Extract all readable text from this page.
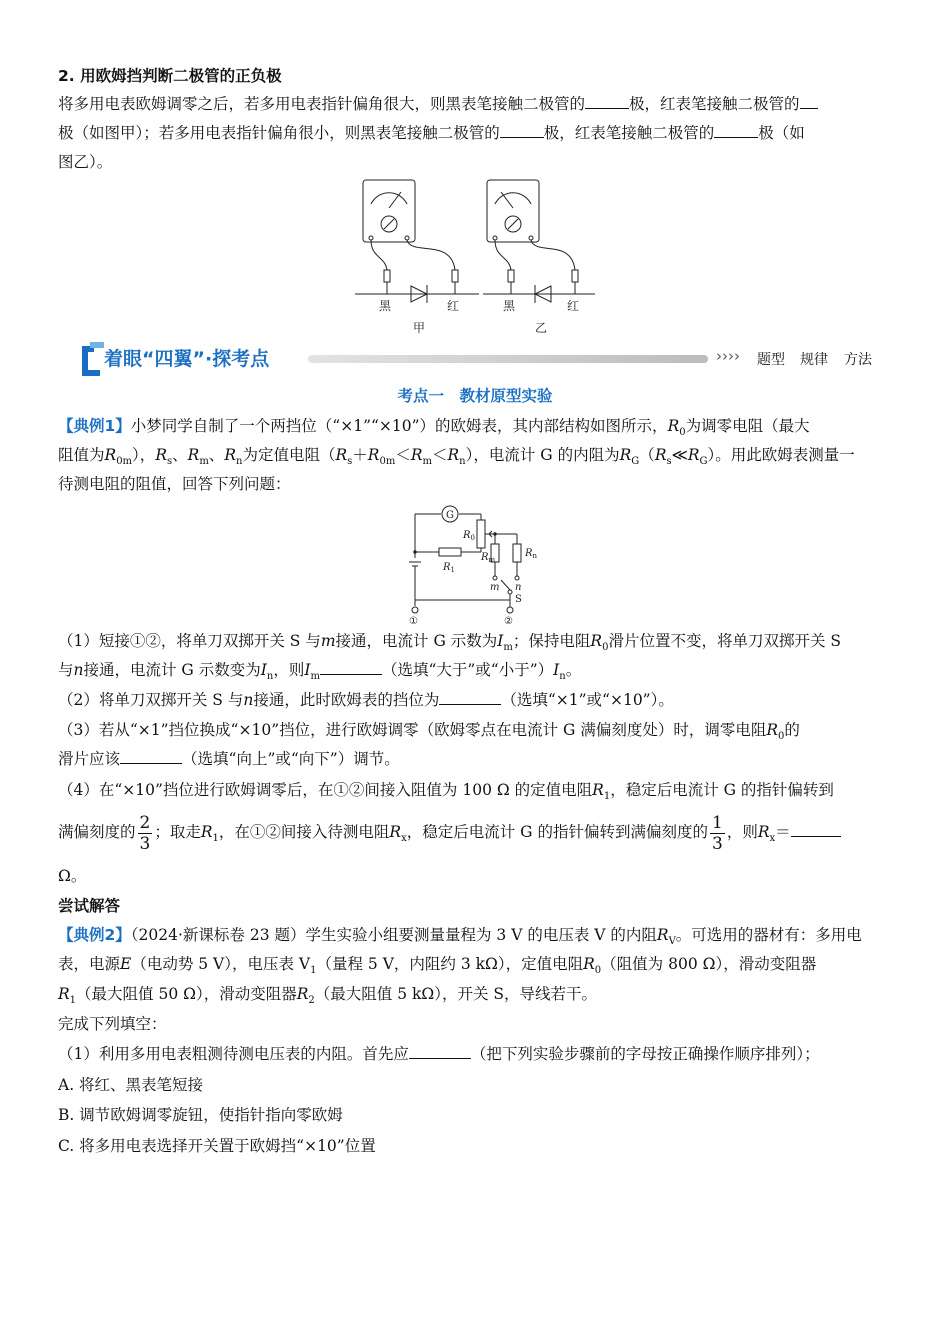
2. 用欧姆挡判断二极管的正负极
将多用电表欧姆调零之后，若多用电表指针偏角很大，则黑表笔接触二极管的	极，红表笔接触二极管的
极（如图甲）；若多用电表指针偏角很小，则黑表笔接触二极管的	极，红表笔接触二极管的	极（如
图乙）。
黑	红
甲
黑	红
乙
着眼“四翼”·探考点	›››› 题型 规律 方法
考点一　教材原型实验
【典例1】小梦同学自制了一个两挡位（“×1”“×10”）的欧姆表，其内部结构如图所示，$R_0$为调零电阻（最大
阻值为$R_{0m}$），$R_s$、$R_m$、$R_n$为定值电阻$(R_s+R_{0m}<R_m<R_n)$，电流计 G 的内阻为$R_G(R_s≪R_G)$。用此欧姆表测量一
待测电阻的阻值，回答下列问题：
G
$R_0$
$R_1$
$R_m$
$R_n$
m n
S
①	②
（1）短接①②，将单刀双掷开关 S 与m接通，电流计 G 示数为$I_m$；保持电阻$R_0$滑片位置不变，将单刀双掷开关 S
与n接通，电流计 G 示数变为$I_n$，则$I_m$	（选填“大于”或“小于$”)I_n$。
（2）将单刀双掷开关 S 与n接通，此时欧姆表的挡位为	（选填“×1”或“×10”）。
（3）若从“×1”挡位换成“×10”挡位，进行欧姆调零（欧姆零点在电流计 G 满偏刻度处）时，调零电阻$R_0$的
滑片应该	（选填“向上”或“向下”）调节。
（4）在“×10”挡位进行欧姆调零后，在①②间接入阻值为 100 Ω 的定值电阻$R_1$，稳定后电流计 G 的指针偏转到
满偏刻度的 $\frac{2}{3}$ ；取走$R_1$，在①②间接入待测电阻$R_x$，稳定后电流计 G 的指针偏转到满偏刻度的 $\frac{1}{3}$ ，则$R_x=$
Ω。
尝试解答
【典例2】（2024·新课标卷 23 题）学生实验小组要测量量程为 3 V 的电压表 V 的内阻$R_V$。可选用的器材有：多用电
表，电源E（电动势 5 V），电压表 $V_1$（量程 5 V，内阻约 3 kΩ），定值电阻$R_0$（阻值为 800 Ω），滑动变阻器
$R_1$（最大阻值 50 Ω），滑动变阻器$R_2$（最大阻值 5 kΩ），开关 S，导线若干。
完成下列填空：
（1）利用多用电表粗测待测电压表的内阻。首先应	（把下列实验步骤前的字母按正确操作顺序排列）；
A. 将红、黑表笔短接
B. 调节欧姆调零旋钮，使指针指向零欧姆
C. 将多用电表选择开关置于欧姆挡“×10”位置
